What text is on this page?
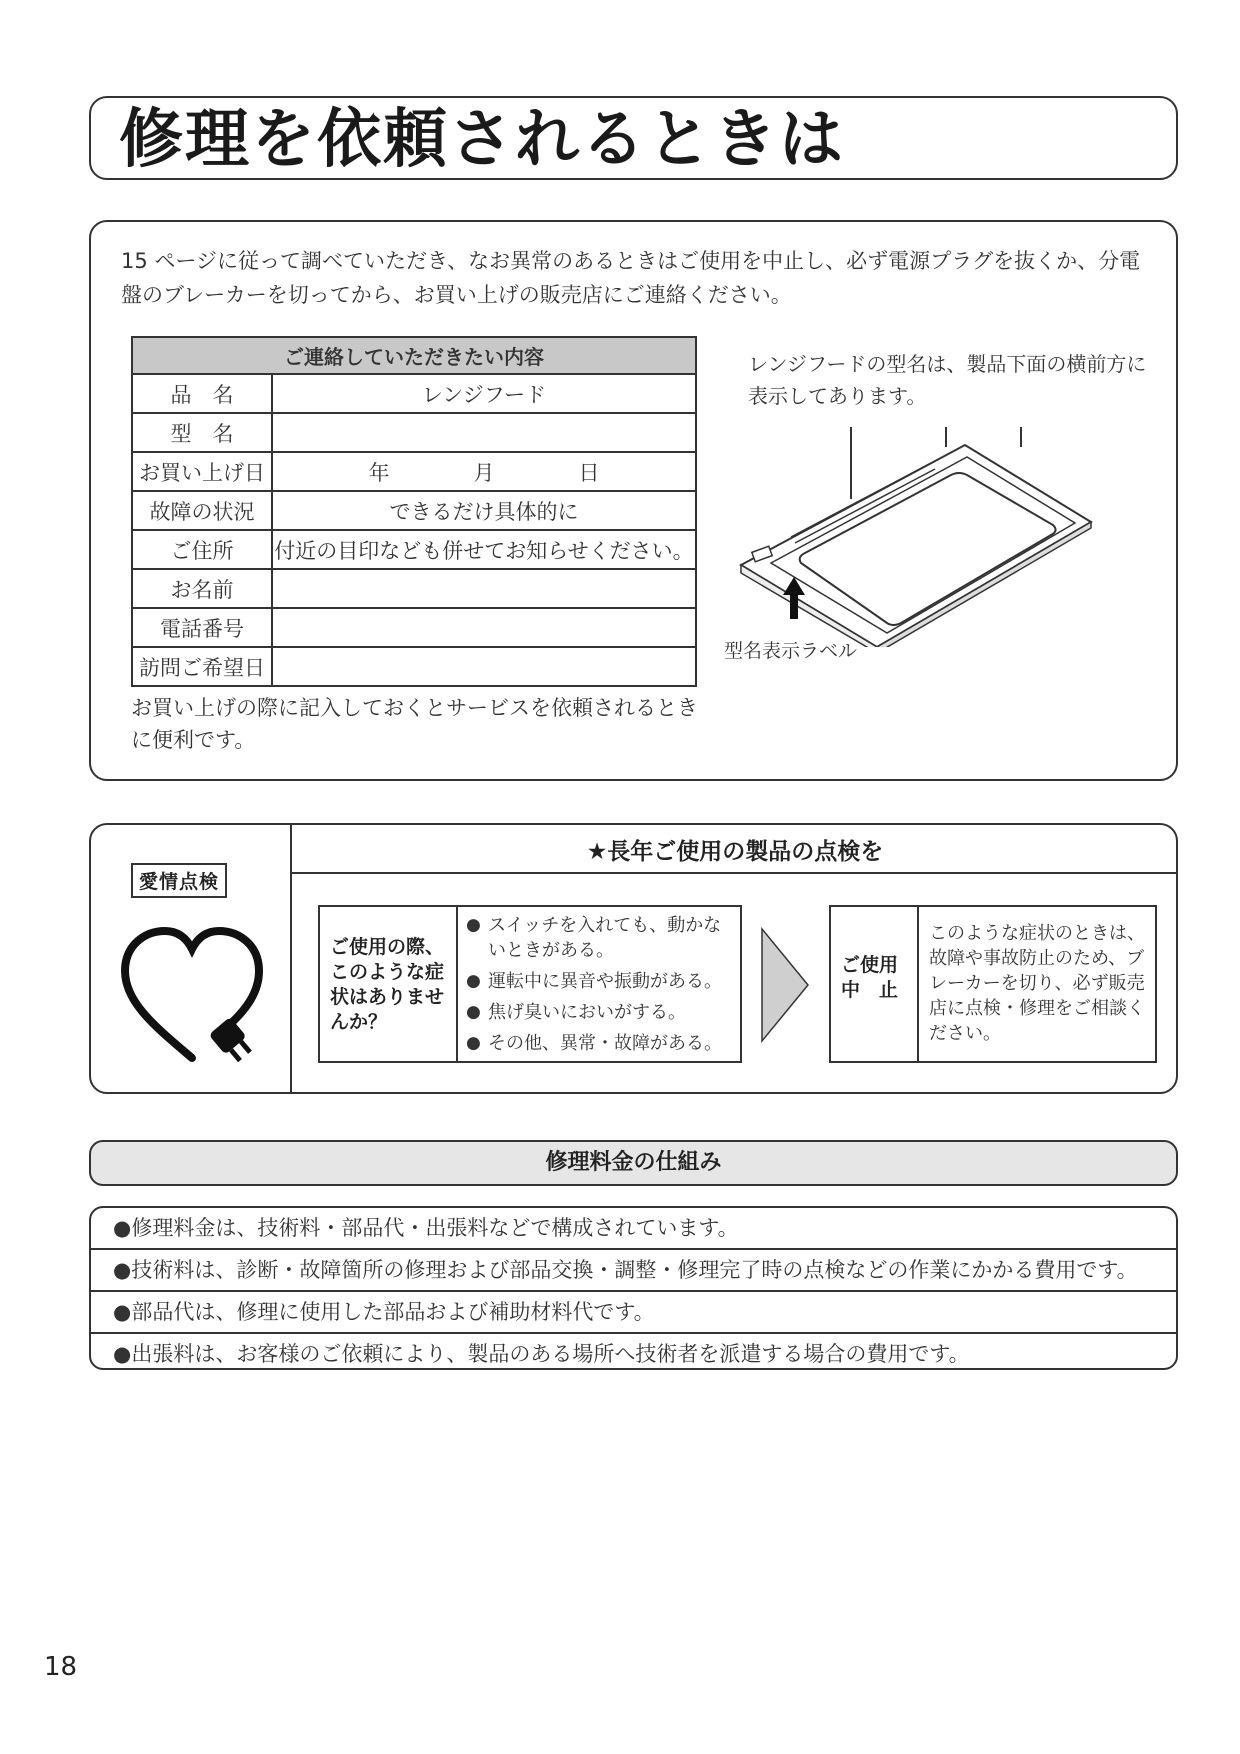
修理を依頼されるときは
15 ページに従って調べていただき、なお異常のあるときはご使用を中止し、必ず電源プラグを抜くか、分電盤のブレーカーを切ってから、お買い上げの販売店にご連絡ください。
ご連絡していただきたい内容	
品　名	レンジフード
型　名	
お買い上げ日	年　　　　月　　　　日
故障の状況	できるだけ具体的に
ご住所	付近の目印なども併せてお知らせください。
お名前	
電話番号	
訪問ご希望日	
お買い上げの際に記入しておくとサービスを依頼されるときに便利です。
レンジフードの型名は、製品下面の横前方に表示してあります。
型名表示ラベル
愛情点検
★長年ご使用の製品の点検を
ご使用の際、このような症状はありませんか？
● スイッチを入れても、動かないときがある。
● 運転中に異音や振動がある。
● 焦げ臭いにおいがする。
● その他、異常・故障がある。
ご使用
中　止
このような症状のときは、故障や事故防止のため、ブレーカーを切り、必ず販売店に点検・修理をご相談ください。
修理料金の仕組み
●修理料金は、技術料・部品代・出張料などで構成されています。
●技術料は、診断・故障箇所の修理および部品交換・調整・修理完了時の点検などの作業にかかる費用です。
●部品代は、修理に使用した部品および補助材料代です。
●出張料は、お客様のご依頼により、製品のある場所へ技術者を派遣する場合の費用です。
18
